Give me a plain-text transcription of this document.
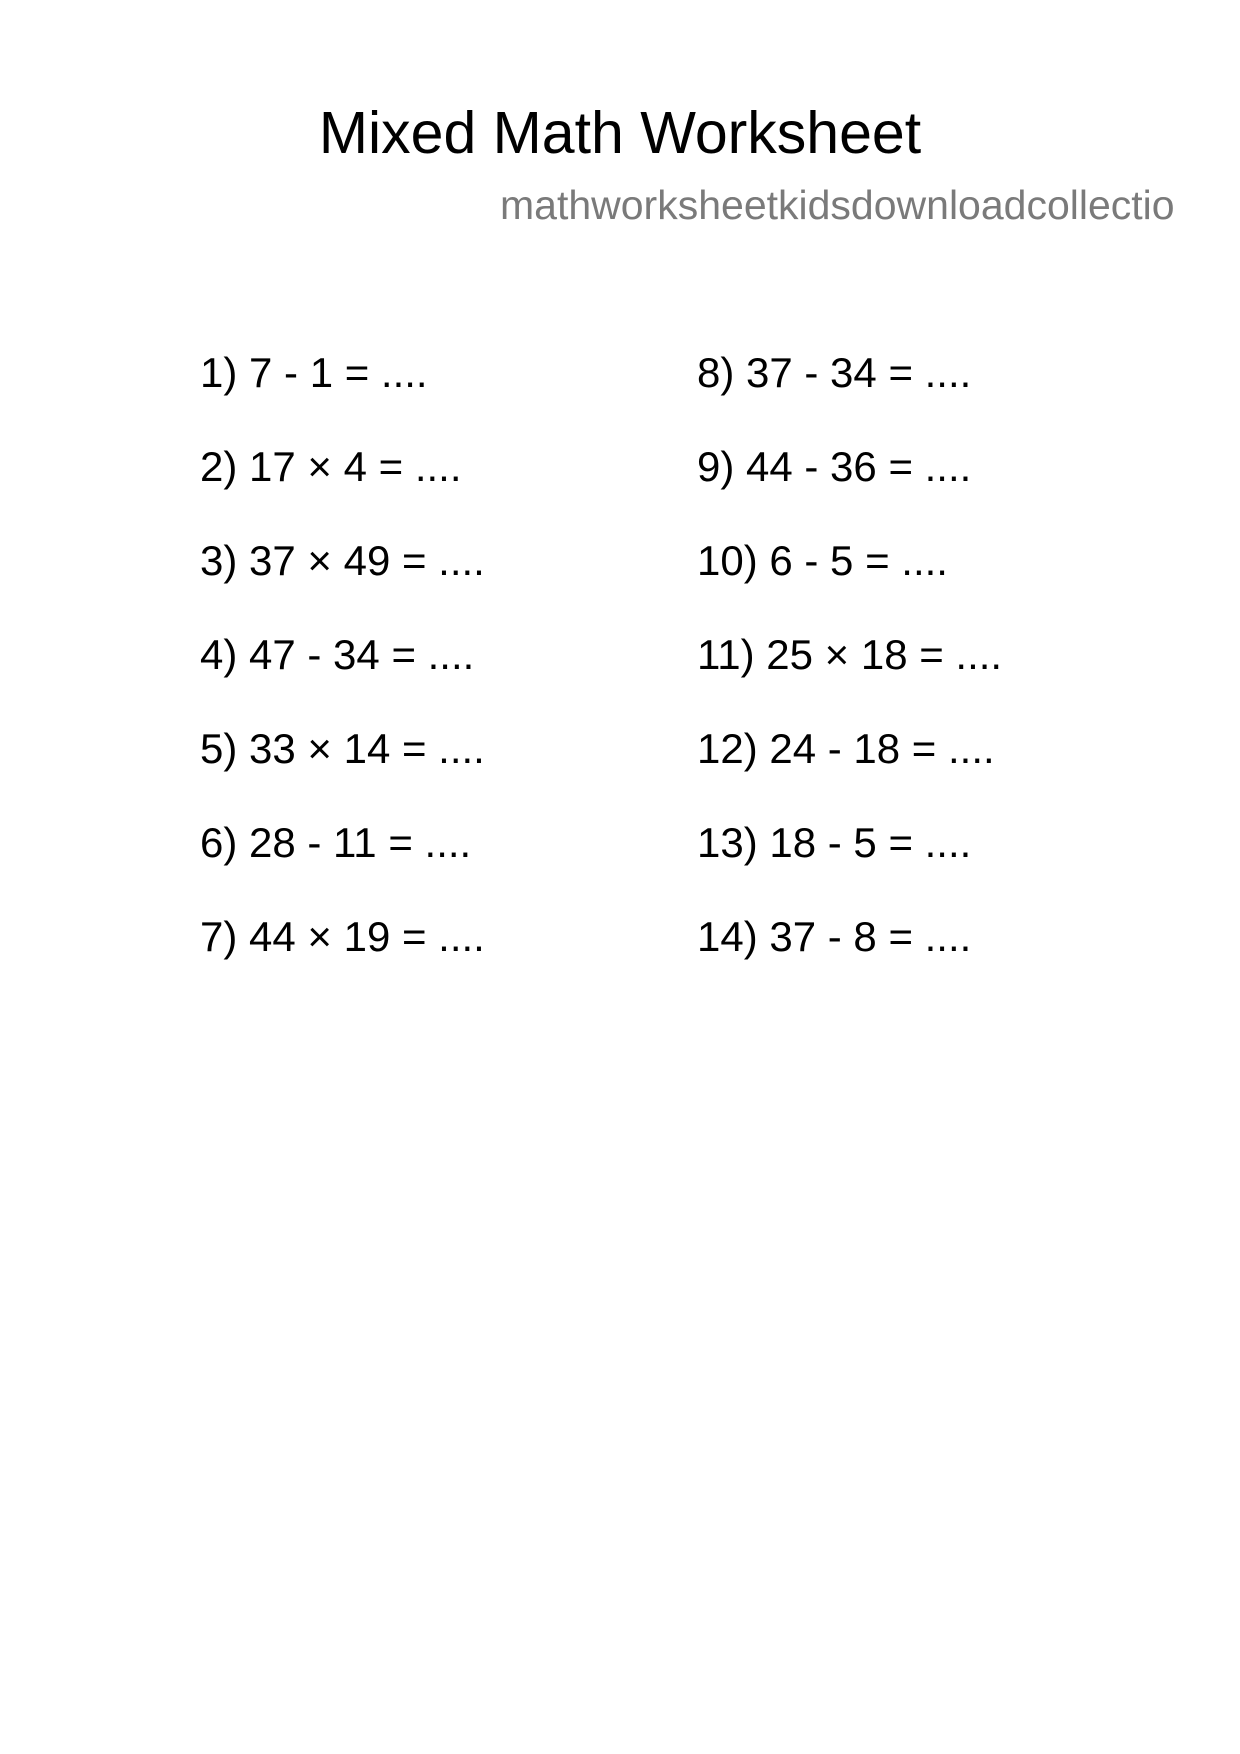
Mixed Math Worksheet
mathworksheetkidsdownloadcollectio
1) 7 - 1 = ....
2) 17 × 4 = ....
3) 37 × 49 = ....
4) 47 - 34 = ....
5) 33 × 14 = ....
6) 28 - 11 = ....
7) 44 × 19 = ....
8) 37 - 34 = ....
9) 44 - 36 = ....
10) 6 - 5 = ....
11) 25 × 18 = ....
12) 24 - 18 = ....
13) 18 - 5 = ....
14) 37 - 8 = ....
